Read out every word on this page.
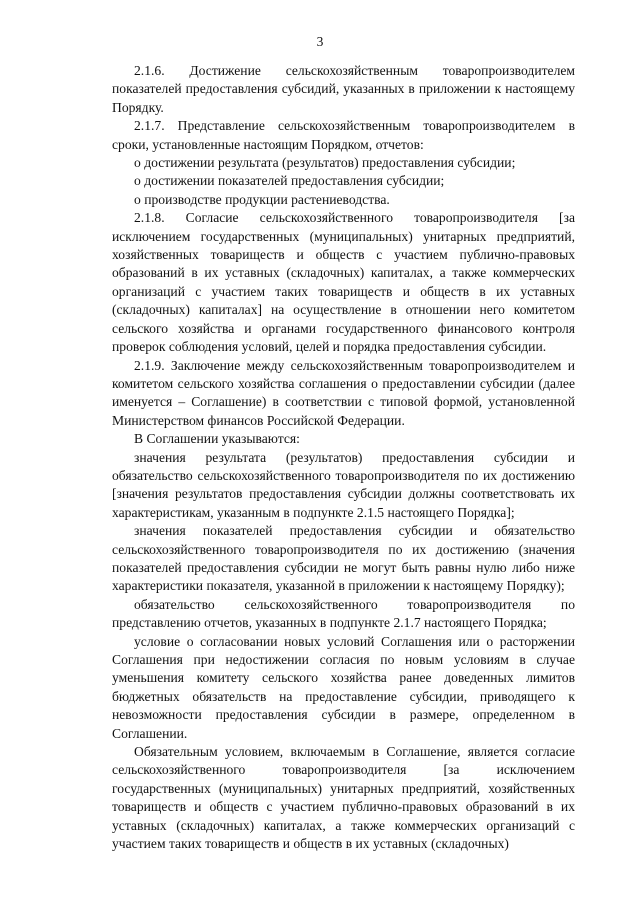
3

2.1.6. Достижение сельскохозяйственным товаропроизводителем показателей предоставления субсидий, указанных в приложении к настоящему Порядку.

2.1.7. Представление сельскохозяйственным товаропроизводителем в сроки, установленные настоящим Порядком, отчетов:

о достижении результата (результатов) предоставления субсидии;

о достижении показателей предоставления субсидии;

о производстве продукции растениеводства.

2.1.8. Согласие сельскохозяйственного товаропроизводителя [за исключением государственных (муниципальных) унитарных предприятий, хозяйственных товариществ и обществ с участием публично-правовых образований в их уставных (складочных) капиталах, а также коммерческих организаций с участием таких товариществ и обществ в их уставных (складочных) капиталах] на осуществление в отношении него комитетом сельского хозяйства и органами государственного финансового контроля проверок соблюдения условий, целей и порядка предоставления субсидии.

2.1.9. Заключение между сельскохозяйственным товаропроизводителем и комитетом сельского хозяйства соглашения о предоставлении субсидии (далее именуется – Соглашение) в соответствии с типовой формой, установленной Министерством финансов Российской Федерации.

В Соглашении указываются:

значения результата (результатов) предоставления субсидии и обязательство сельскохозяйственного товаропроизводителя по их достижению [значения результатов предоставления субсидии должны соответствовать их характеристикам, указанным в подпункте 2.1.5 настоящего Порядка];

значения показателей предоставления субсидии и обязательство сельскохозяйственного товаропроизводителя по их достижению (значения показателей предоставления субсидии не могут быть равны нулю либо ниже характеристики показателя, указанной в приложении к настоящему Порядку);

обязательство сельскохозяйственного товаропроизводителя по представлению отчетов, указанных в подпункте 2.1.7 настоящего Порядка;

условие о согласовании новых условий Соглашения или о расторжении Соглашения при недостижении согласия по новым условиям в случае уменьшения комитету сельского хозяйства ранее доведенных лимитов бюджетных обязательств на предоставление субсидии, приводящего к невозможности предоставления субсидии в размере, определенном в Соглашении.

Обязательным условием, включаемым в Соглашение, является согласие сельскохозяйственного товаропроизводителя [за исключением государственных (муниципальных) унитарных предприятий, хозяйственных товариществ и обществ с участием публично-правовых образований в их уставных (складочных) капиталах, а также коммерческих организаций с участием таких товариществ и обществ в их уставных (складочных)
